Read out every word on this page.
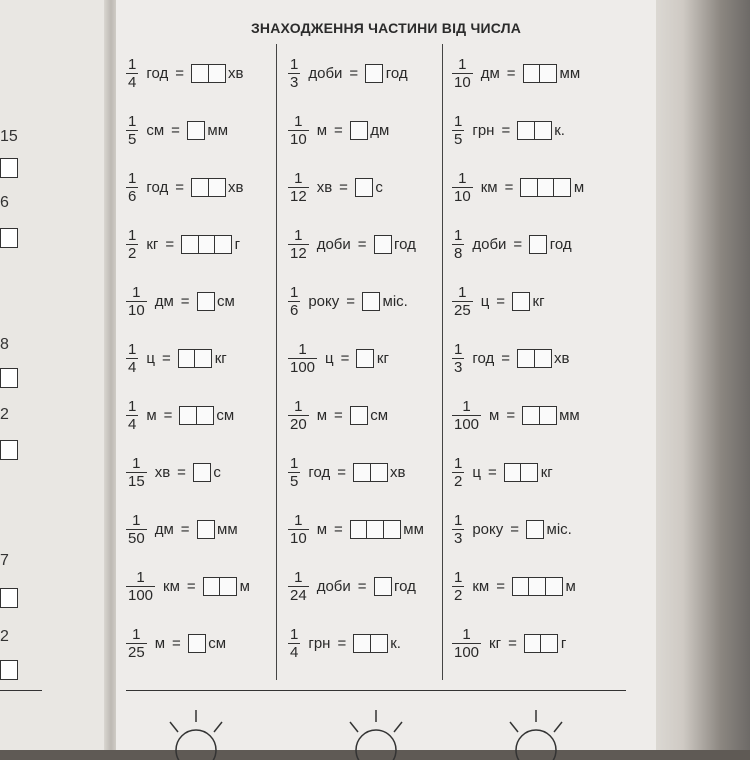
15
6
8
2
7
2
ЗНАХОДЖЕННЯ ЧАСТИНИ ВІД ЧИСЛА
$\frac{1}{4}$ год =	хв
$\frac{1}{5}$ см = мм
$\frac{1}{6}$ год =	хв
$\frac{1}{2}$ кг =	г
$\frac{1}{10}$ дм = см
$\frac{1}{4}$ ц =	кг
$\frac{1}{4}$ м =	см
$\frac{1}{15}$ хв = с
$\frac{1}{50}$ дм = мм
$\frac{1}{100}$ км =	м
$\frac{1}{25}$ м = см
$\frac{1}{3}$ доби = год
$\frac{1}{10}$ м = дм
$\frac{1}{12}$ хв = с
$\frac{1}{12}$ доби = год
$\frac{1}{6}$ року = міс.
$\frac{1}{100}$ ц = кг
$\frac{1}{20}$ м = см
$\frac{1}{5}$ год =	хв
$\frac{1}{10}$ м =	мм
$\frac{1}{24}$ доби = год
$\frac{1}{4}$ грн =	к.
$\frac{1}{10}$ дм =	мм
$\frac{1}{5}$ грн =	к.
$\frac{1}{10}$ км =	м
$\frac{1}{8}$ доби = год
$\frac{1}{25}$ ц = кг
$\frac{1}{3}$ год =	хв
$\frac{1}{100}$ м =	мм
$\frac{1}{2}$ ц =	кг
$\frac{1}{3}$ року = міс.
$\frac{1}{2}$ км =	м
$\frac{1}{100}$ кг =	г
